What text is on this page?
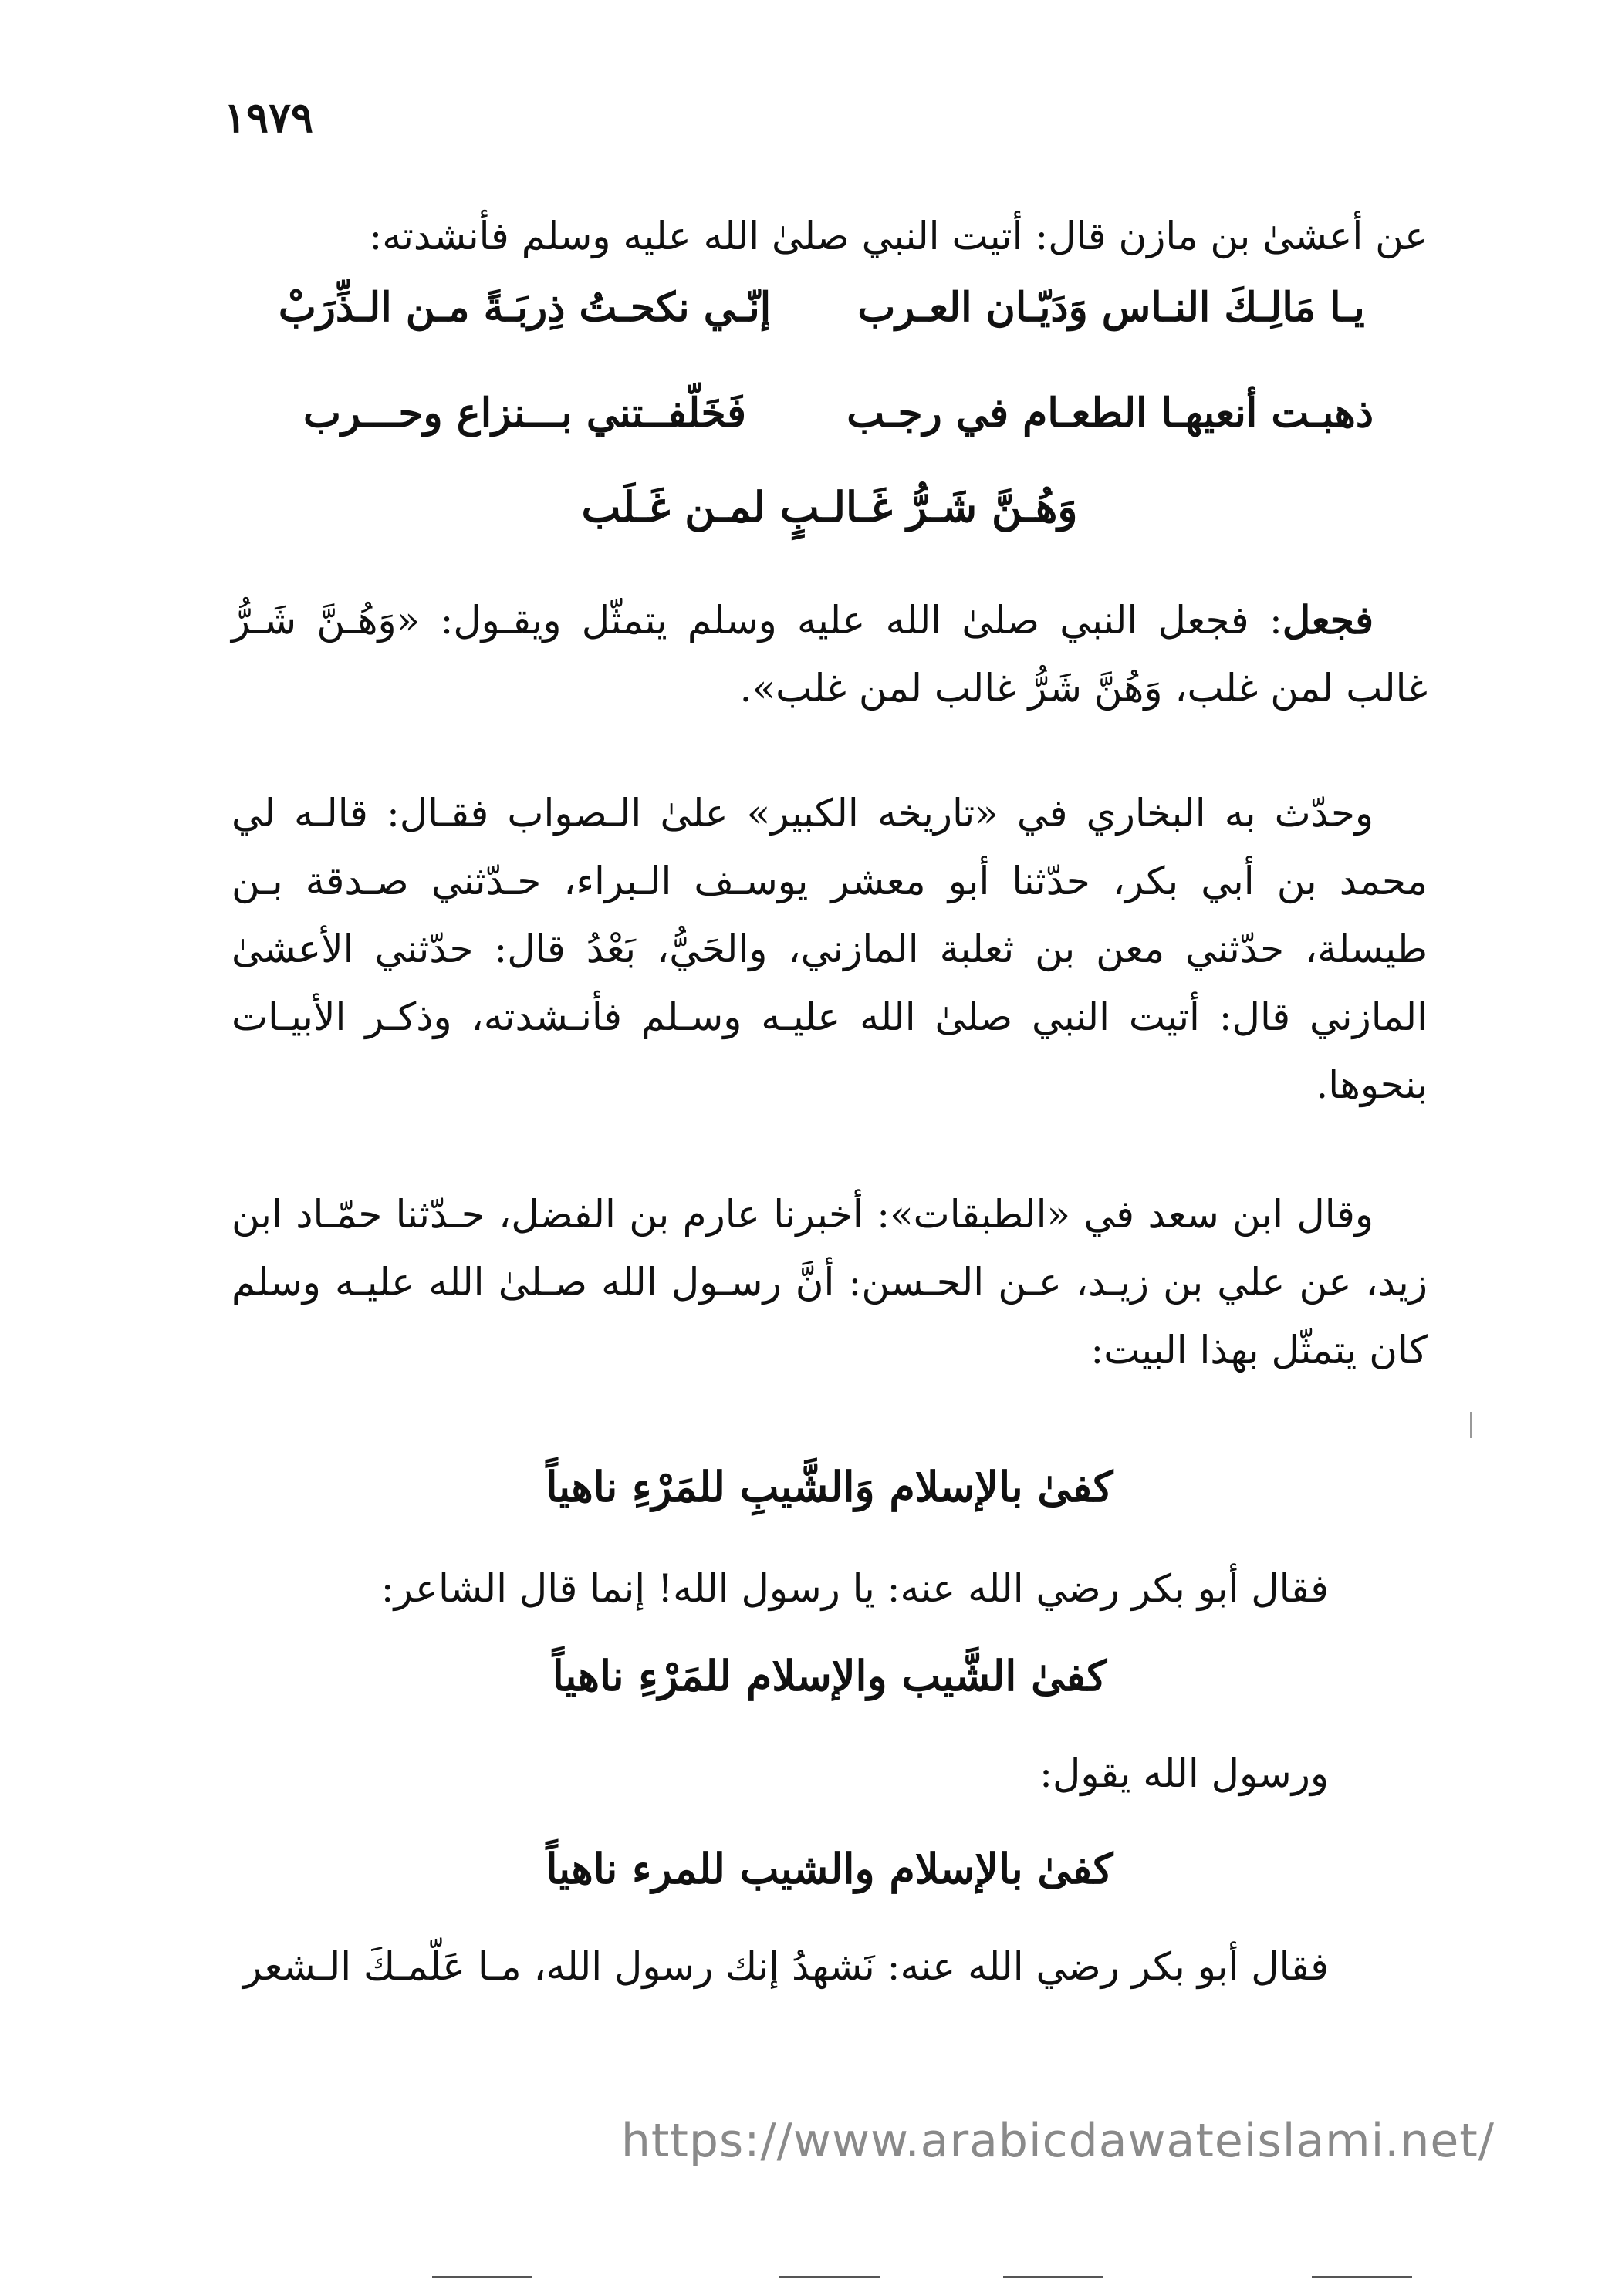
١٩٧٩

عن أعشىٰ بن مازن قال: أتيت النبي صلىٰ الله عليه وسلم فأنشدته:

يـا مَالِـكَ النـاس وَدَيّـان العـرب
إنّـي نكحـتُ ذِربَـةً مـن الـذِّرَبْ
ذهبـت أنعيهـا الطعـام في رجـب
فَخَلّفــتني بـــنزاع وحـــرب
وَهُـنَّ شَـرُّ غَـالـبٍ لمـن غَـلَب

فجعل: فجعل النبي صلىٰ الله عليه وسلم يتمثّل ويقـول: «وَهُـنَّ شَـرُّ غالب لمن غلب، وَهُنَّ شَرُّ غالب لمن غلب».

وحدّث به البخاري في «تاريخه الكبير» علىٰ الـصواب فقـال: قالـه لي محمد بن أبي بكر، حدّثنا أبو معشر يوسـف الـبراء، حـدّثني صـدقة بـن طيسلة، حدّثني معن بن ثعلبة المازني، والحَيُّ، بَعْدُ قال: حدّثني الأعشىٰ المازني قال: أتيت النبي صلىٰ الله عليـه وسـلم فأنـشدته، وذكـر الأبيـات بنحوها.

وقال ابن سعد في «الطبقات»: أخبرنا عارم بن الفضل، حـدّثنا حمّـاد ابن زيد، عن علي بن زيـد، عـن الحـسن: أنَّ رسـول الله صـلىٰ الله عليـه وسلم كان يتمثّل بهذا البيت:

كفىٰ بالإسلام وَالشَّيبِ للمَرْءِ ناهياً
فقال أبو بكر رضي الله عنه: يا رسول الله! إنما قال الشاعر:
كفىٰ الشَّيب والإسلام للمَرْءِ ناهياً
ورسول الله يقول:
كفىٰ بالإسلام والشيب للمرء ناهياً
فقال أبو بكر رضي الله عنه: نَشهدُ إنك رسول الله، مـا عَلّمـكَ الـشعر
https://www.arabicdawateislami.net/
